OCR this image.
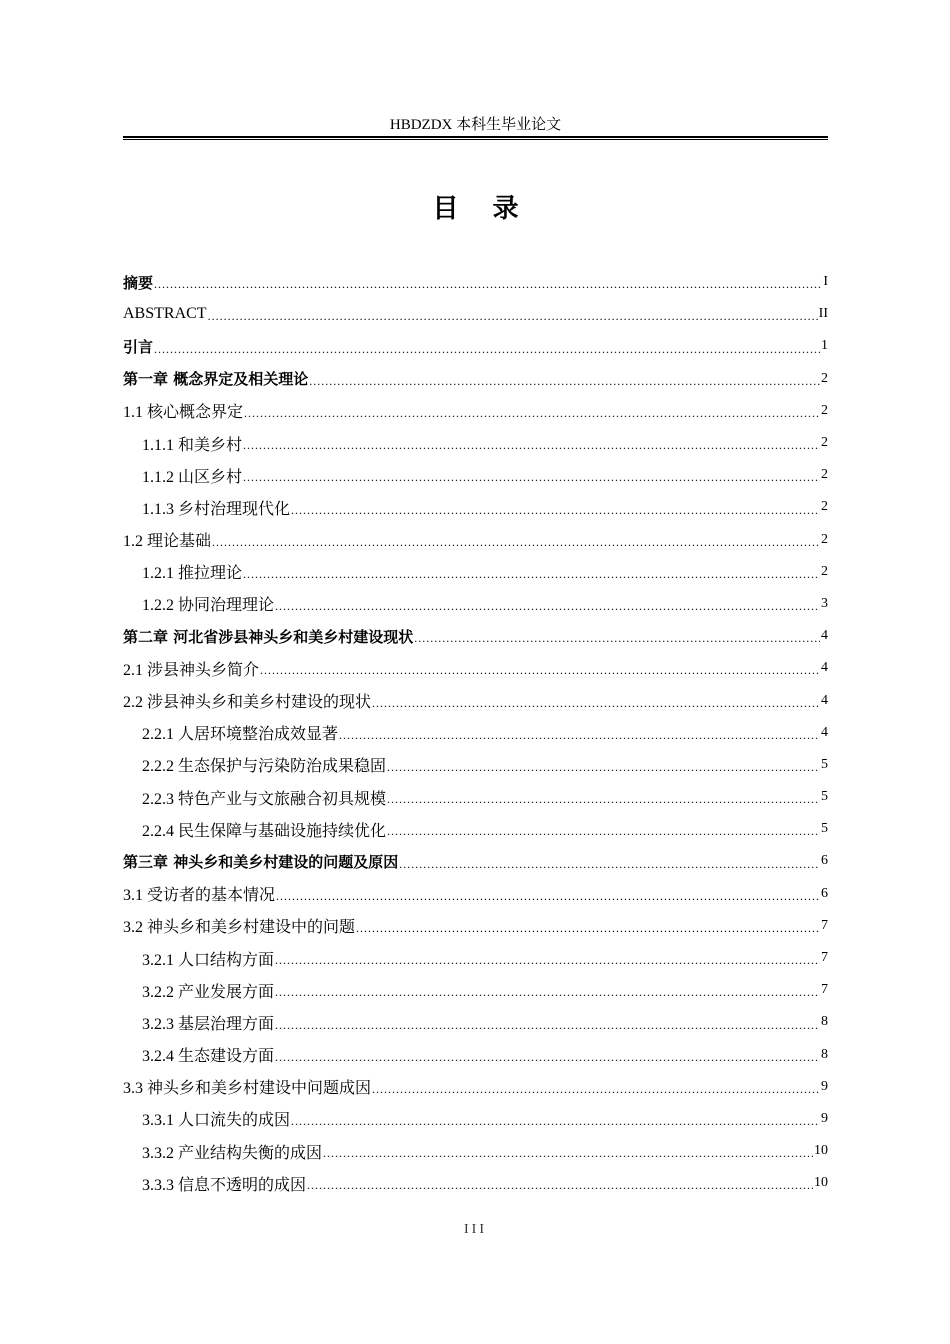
HBDZDX 本科生毕业论文
目 录
摘要 .....	I
ABSTRACT .....	II
引言 .....	1
第一章 概念界定及相关理论 .....	2
1.1 核心概念界定 .....	2
1.1.1 和美乡村 .....	2
1.1.2 山区乡村 .....	2
1.1.3 乡村治理现代化 .....	2
1.2 理论基础 .....	2
1.2.1 推拉理论 .....	2
1.2.2 协同治理理论 .....	3
第二章 河北省涉县神头乡和美乡村建设现状 .....	4
2.1 涉县神头乡简介 .....	4
2.2 涉县神头乡和美乡村建设的现状 .....	4
2.2.1 人居环境整治成效显著 .....	4
2.2.2 生态保护与污染防治成果稳固 .....	5
2.2.3 特色产业与文旅融合初具规模 .....	5
2.2.4 民生保障与基础设施持续优化 .....	5
第三章 神头乡和美乡村建设的问题及原因 .....	6
3.1 受访者的基本情况 .....	6
3.2 神头乡和美乡村建设中的问题 .....	7
3.2.1 人口结构方面 .....	7
3.2.2 产业发展方面 .....	7
3.2.3 基层治理方面 .....	8
3.2.4 生态建设方面 .....	8
3.3 神头乡和美乡村建设中问题成因 .....	9
3.3.1 人口流失的成因 .....	9
3.3.2 产业结构失衡的成因 .....	10
3.3.3 信息不透明的成因 .....	10
III
